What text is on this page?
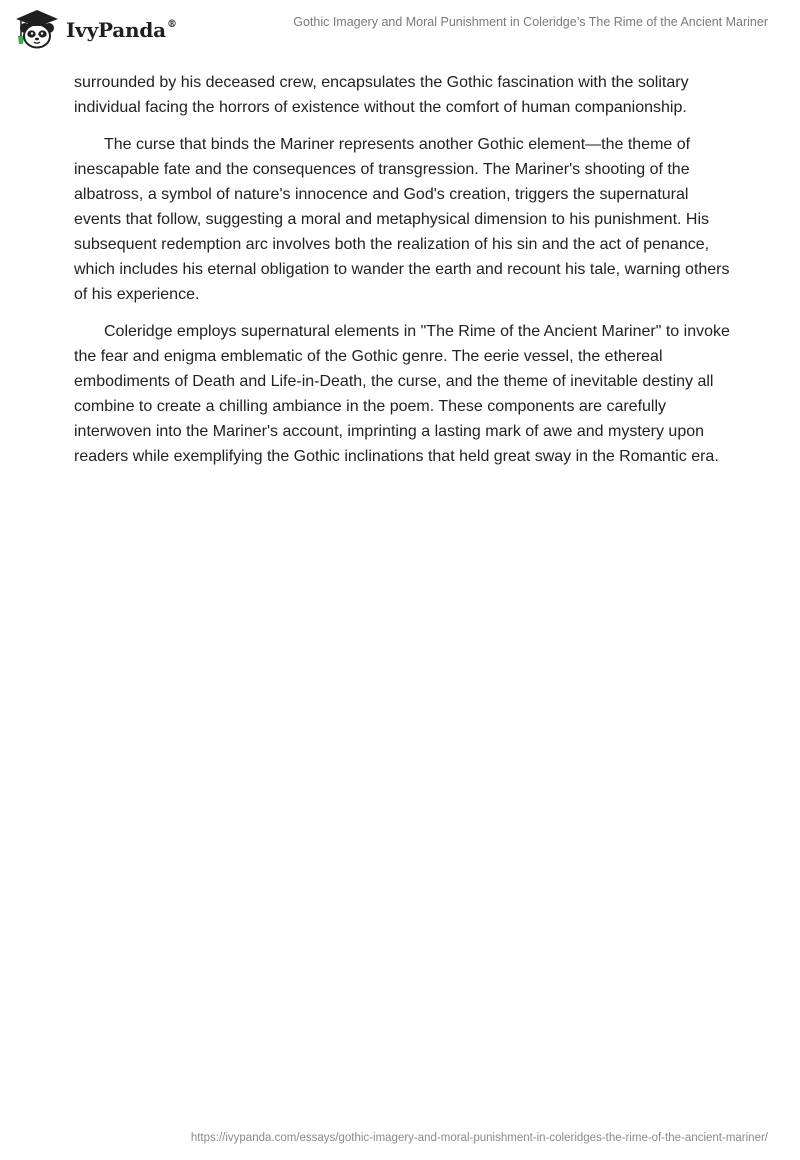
IvyPanda®	Gothic Imagery and Moral Punishment in Coleridge’s The Rime of the Ancient Mariner

surrounded by his deceased crew, encapsulates the Gothic fascination with the solitary individual facing the horrors of existence without the comfort of human companionship.

The curse that binds the Mariner represents another Gothic element—the theme of inescapable fate and the consequences of transgression. The Mariner's shooting of the albatross, a symbol of nature's innocence and God's creation, triggers the supernatural events that follow, suggesting a moral and metaphysical dimension to his punishment. His subsequent redemption arc involves both the realization of his sin and the act of penance, which includes his eternal obligation to wander the earth and recount his tale, warning others of his experience.

Coleridge employs supernatural elements in "The Rime of the Ancient Mariner" to invoke the fear and enigma emblematic of the Gothic genre. The eerie vessel, the ethereal embodiments of Death and Life-in-Death, the curse, and the theme of inevitable destiny all combine to create a chilling ambiance in the poem. These components are carefully interwoven into the Mariner's account, imprinting a lasting mark of awe and mystery upon readers while exemplifying the Gothic inclinations that held great sway in the Romantic era.

https://ivypanda.com/essays/gothic-imagery-and-moral-punishment-in-coleridges-the-rime-of-the-ancient-mariner/
